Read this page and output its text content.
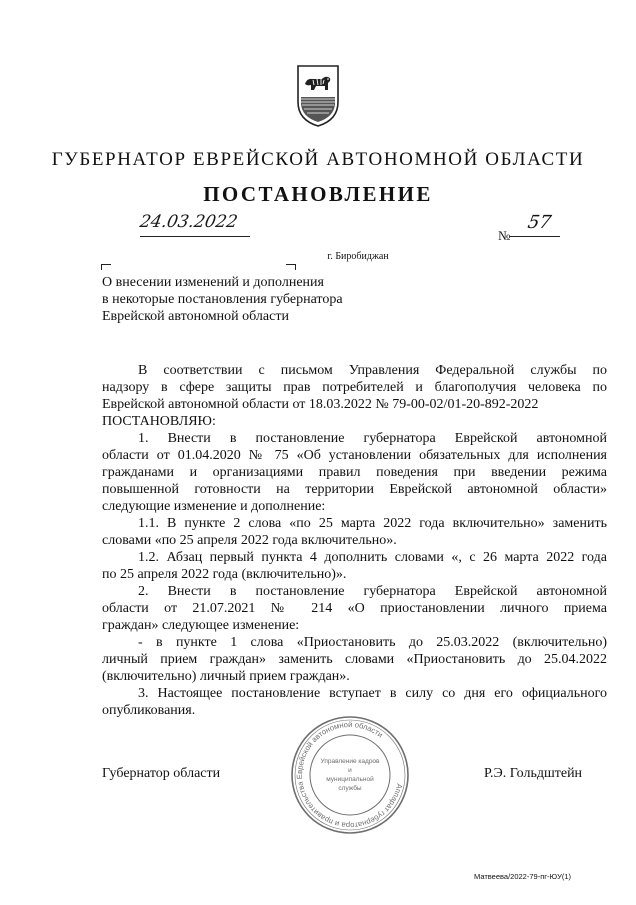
ГУБЕРНАТОР ЕВРЕЙСКОЙ АВТОНОМНОЙ ОБЛАСТИ
ПОСТАНОВЛЕНИЕ
24.03.2022
№
57
г. Биробиджан
О внесении изменений и дополнения
в некоторые постановления губернатора
Еврейской автономной области

В соответствии с письмом Управления Федеральной службы по
надзору в сфере защиты прав потребителей и благополучия человека по
Еврейской автономной области от 18.03.2022 № 79-00-02/01-20-892-2022

ПОСТАНОВЛЯЮ:

1. Внести в постановление губернатора Еврейской автономной
области от 01.04.2020 № 75 «Об установлении обязательных для исполнения
гражданами и организациями правил поведения при введении режима
повышенной готовности на территории Еврейской автономной области»
следующие изменение и дополнение:

1.1. В пункте 2 слова «по 25 марта 2022 года включительно» заменить
словами «по 25 апреля 2022 года включительно».

1.2. Абзац первый пункта 4 дополнить словами «, с 26 марта 2022 года
по 25 апреля 2022 года (включительно)».

2. Внести в постановление губернатора Еврейской автономной
области от 21.07.2021 № 214 «О приостановлении личного приема
граждан» следующее изменение:

- в пункте 1 слова «Приостановить до 25.03.2022 (включительно)
личный прием граждан» заменить словами «Приостановить до 25.04.2022
(включительно) личный прием граждан».

3. Настоящее постановление вступает в силу со дня его официального
опубликования.

Аппарат губернатора и правительства Еврейской автономной области
Управление кадров
и
муниципальной
службы
Губернатор области	Р.Э. Гольдштейн
Матвеева/2022-79-пг-ЮУ(1)
